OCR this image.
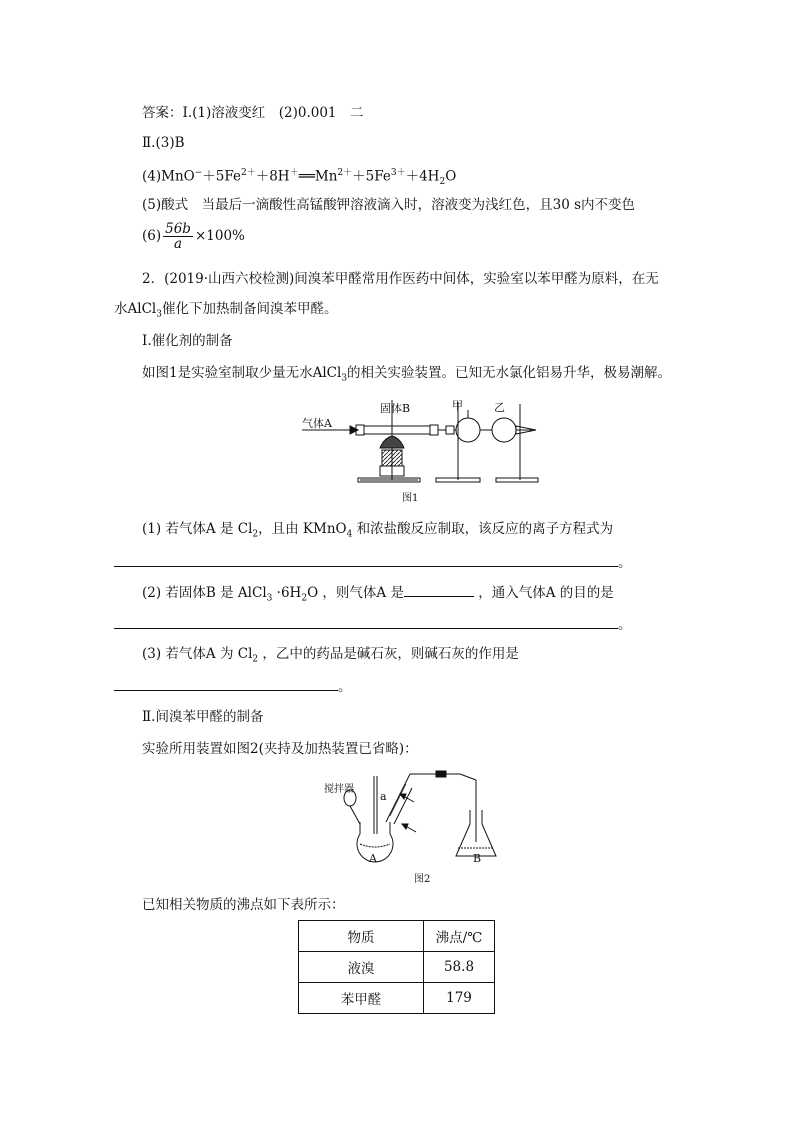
答案：Ⅰ.(1)溶液变红　(2)0.001　二
Ⅱ.(3)B
$(4)MnO^-+5Fe^{2+}+8H^+══Mn^{2+}+5Fe^{3+}+4H_2O$
(5)酸式　当最后一滴酸性高锰酸钾溶液滴入时，溶液变为浅红色，且30 s内不变色
$(6) \frac{56b}{a} \times 100\%$
2．(2019·山西六校检测)间溴苯甲醛常用作医药中间体，实验室以苯甲醛为原料，在无
水AlCl$_3$催化下加热制备间溴苯甲醛。
Ⅰ.催化剂的制备
如图1是实验室制取少量无水AlCl$_3$的相关实验装置。已知无水氯化铝易升华，极易潮解。
气体A
固体B	甲	乙
图1
(1) 若气体A 是 $Cl_2$，且由 KMnO$_4$ 和浓盐酸反应制取，该反应的离子方程式为
。
(2) 若固体B 是 AlCl$_3$ $\cdot 6H_2O$ ，则气体A 是	，通入气体A 的目的是
。
(3) 若气体A 为 $Cl_2$ ，乙中的药品是碱石灰，则碱石灰的作用是
。
Ⅱ.间溴苯甲醛的制备
实验所用装置如图2(夹持及加热装置已省略)：
搅拌器
a
A	B
图2
已知相关物质的沸点如下表所示：
物质	沸点/℃
液溴	58.8
苯甲醛	179
